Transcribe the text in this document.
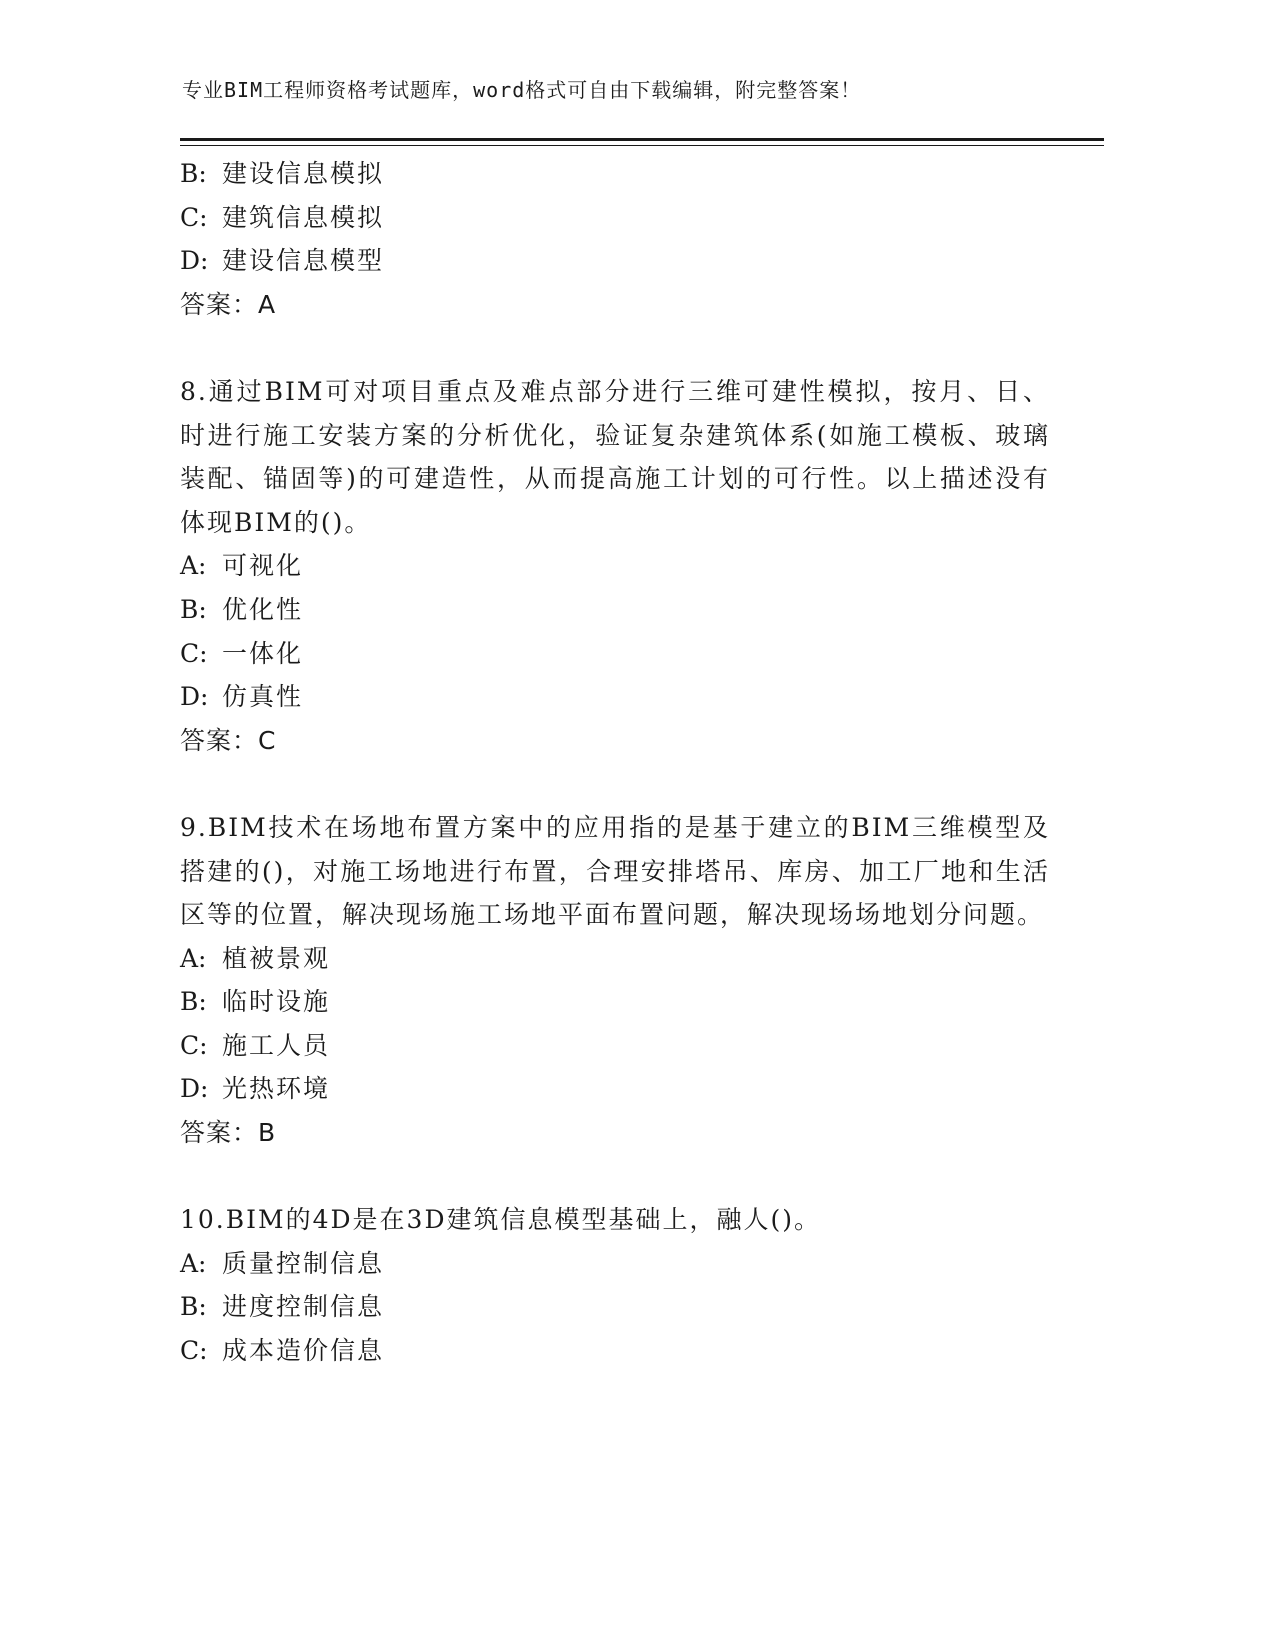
专业BIM工程师资格考试题库，word格式可自由下载编辑，附完整答案！
B: 建设信息模拟
C: 建筑信息模拟
D: 建设信息模型
答案：A
8.通过BIM可对项目重点及难点部分进行三维可建性模拟，按月、日、时进行施工安装方案的分析优化，验证复杂建筑体系(如施工模板、玻璃装配、锚固等)的可建造性，从而提高施工计划的可行性。以上描述没有体现BIM的()。
A: 可视化
B: 优化性
C: 一体化
D: 仿真性
答案：C
9.BIM技术在场地布置方案中的应用指的是基于建立的BIM三维模型及搭建的()，对施工场地进行布置，合理安排塔吊、库房、加工厂地和生活区等的位置，解决现场施工场地平面布置问题，解决现场场地划分问题。
A: 植被景观
B: 临时设施
C: 施工人员
D: 光热环境
答案：B
10.BIM的4D是在3D建筑信息模型基础上，融人()。
A: 质量控制信息
B: 进度控制信息
C: 成本造价信息
